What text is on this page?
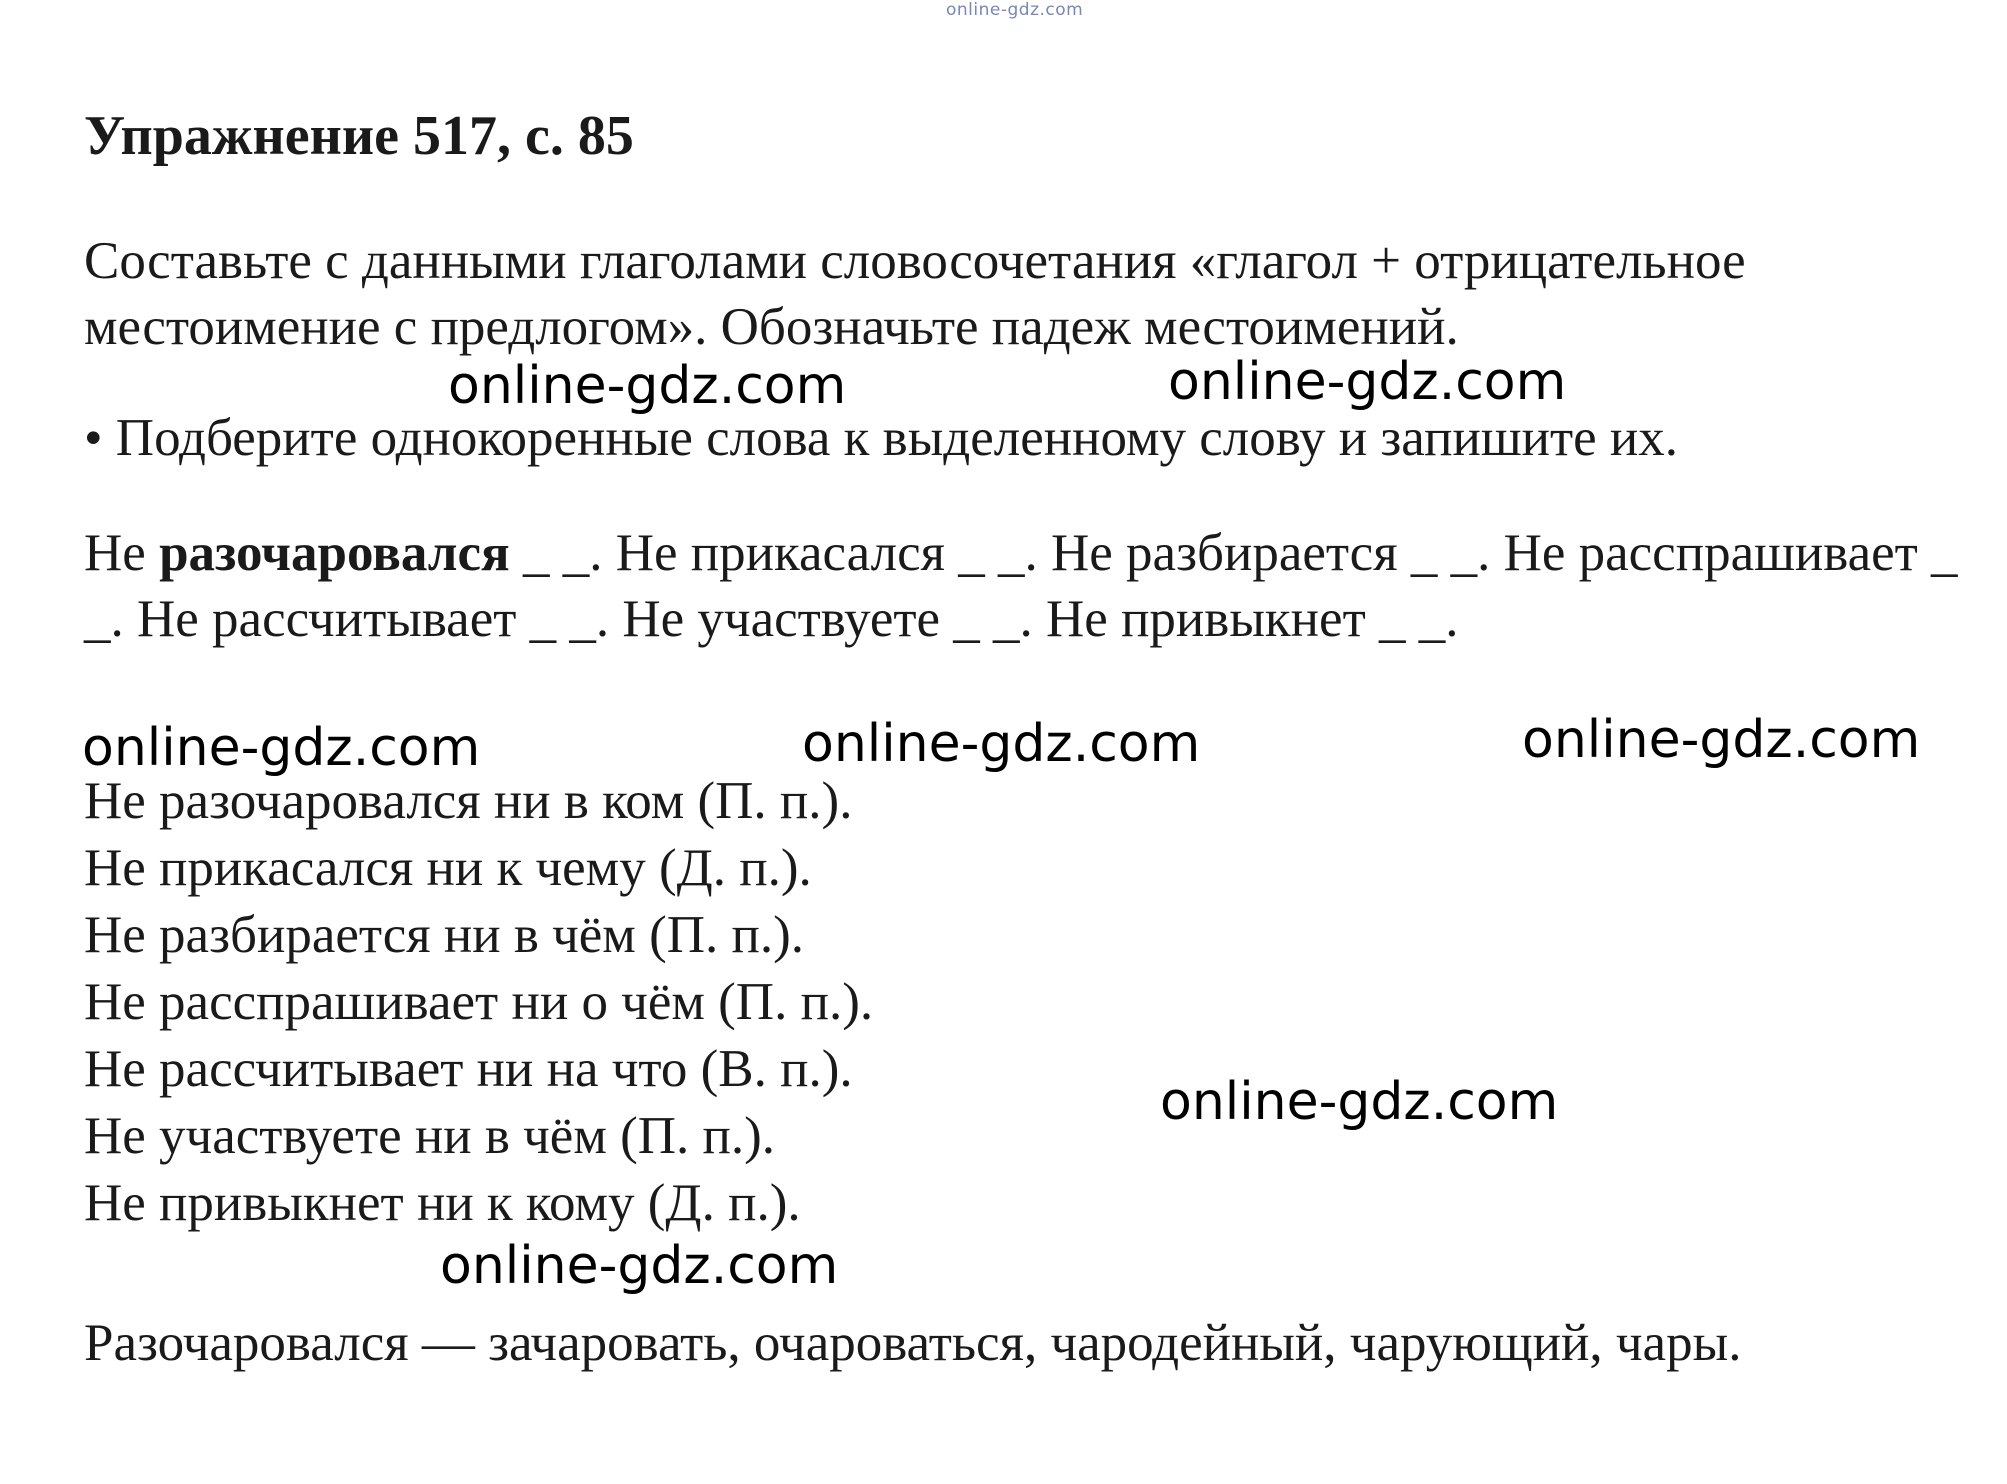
online-gdz.com
Упражнение 517, с. 85

Составьте с данными глаголами словосочетания «глагол + отрицательное
местоимение с предлогом». Обозначьте падеж местоимений.

• Подберите однокоренные слова к выделенному слову и запишите их.

Не разочаровался _ _. Не прикасался _ _. Не разбирается _ _. Не расспрашивает _ _. Не рассчитывает _ _. Не участвуете _ _. Не привыкнет _ _.

Не разочаровался ни в ком (П. п.).
Не прикасался ни к чему (Д. п.).
Не разбирается ни в чём (П. п.).
Не расспрашивает ни о чём (П. п.).
Не рассчитывает ни на что (В. п.).
Не участвуете ни в чём (П. п.).
Не привыкнет ни к кому (Д. п.).

Разочаровался — зачаровать, очароваться, чародейный, чарующий, чары.

online-gdz.com	online-gdz.com
online-gdz.com	online-gdz.com	online-gdz.com
online-gdz.com
online-gdz.com
